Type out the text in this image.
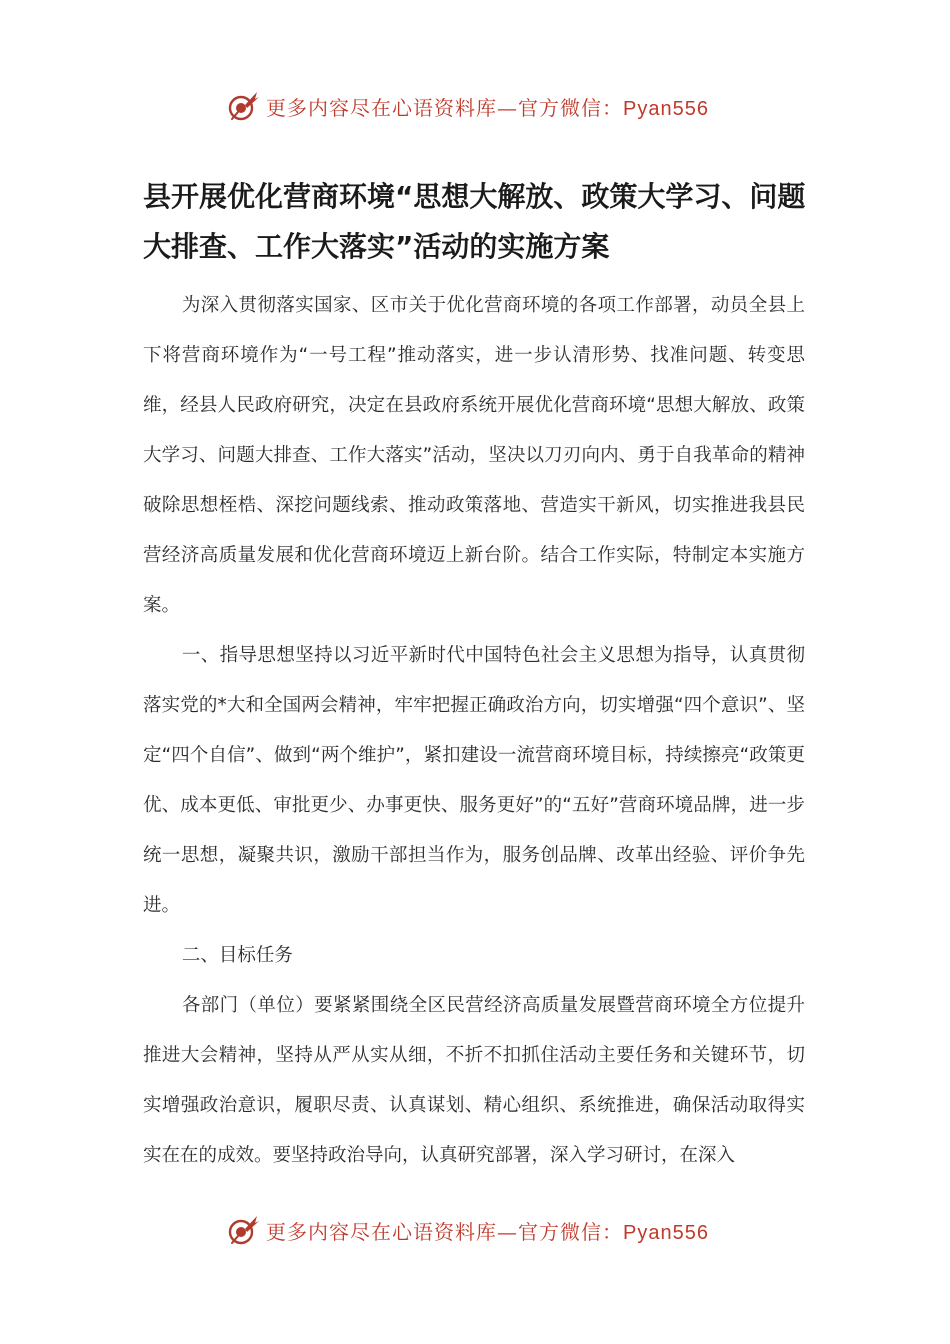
更多内容尽在心语资料库—官方微信：Pyan556
县开展优化营商环境“思想大解放、政策大学习、问题大排查、工作大落实”活动的实施方案

为深入贯彻落实国家、区市关于优化营商环境的各项工作部署，动员全县上下将营商环境作为“一号工程”推动落实，进一步认清形势、找准问题、转变思维，经县人民政府研究，决定在县政府系统开展优化营商环境“思想大解放、政策大学习、问题大排查、工作大落实”活动，坚决以刀刃向内、勇于自我革命的精神破除思想桎梏、深挖问题线索、推动政策落地、营造实干新风，切实推进我县民营经济高质量发展和优化营商环境迈上新台阶。结合工作实际，特制定本实施方案。

一、指导思想坚持以习近平新时代中国特色社会主义思想为指导，认真贯彻落实党的*大和全国两会精神，牢牢把握正确政治方向，切实增强“四个意识”、坚定“四个自信”、做到“两个维护”，紧扣建设一流营商环境目标，持续擦亮“政策更优、成本更低、审批更少、办事更快、服务更好”的“五好”营商环境品牌，进一步统一思想，凝聚共识，激励干部担当作为，服务创品牌、改革出经验、评价争先进。

二、目标任务

各部门（单位）要紧紧围绕全区民营经济高质量发展暨营商环境全方位提升推进大会精神，坚持从严从实从细，不折不扣抓住活动主要任务和关键环节，切实增强政治意识，履职尽责、认真谋划、精心组织、系统推进，确保活动取得实实在在的成效。要坚持政治导向，认真研究部署，深入学习研讨，在深入

更多内容尽在心语资料库—官方微信：Pyan556
